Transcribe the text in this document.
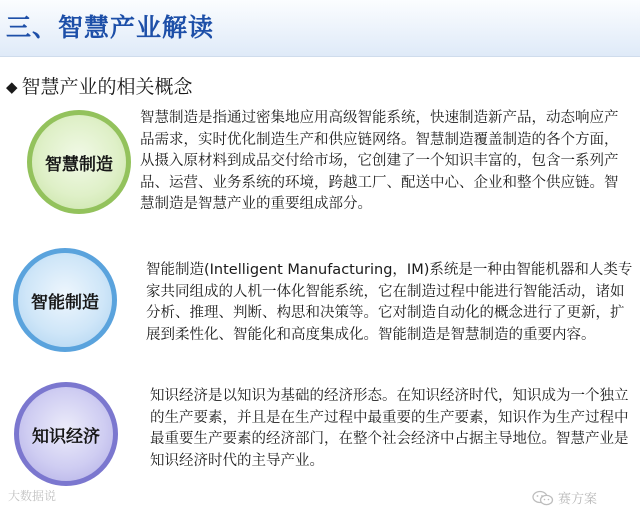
三、智慧产业解读
◆ 智慧产业的相关概念
智慧制造

智慧制造是指通过密集地应用高级智能系统，快速制造新产品，动态响应产品需求，实时优化制造生产和供应链网络。智慧制造覆盖制造的各个方面，从摄入原材料到成品交付给市场，它创建了一个知识丰富的，包含一系列产品、运营、业务系统的环境，跨越工厂、配送中心、企业和整个供应链。智慧制造是智慧产业的重要组成部分。

智能制造

智能制造(Intelligent Manufacturing，IM)系统是一种由智能机器和人类专家共同组成的人机一体化智能系统，它在制造过程中能进行智能活动，诸如分析、推理、判断、构思和决策等。它对制造自动化的概念进行了更新，扩展到柔性化、智能化和高度集成化。智能制造是智慧制造的重要内容。

知识经济

知识经济是以知识为基础的经济形态。在知识经济时代，知识成为一个独立的生产要素，并且是在生产过程中最重要的生产要素，知识作为生产过程中最重要生产要素的经济部门，在整个社会经济中占据主导地位。智慧产业是知识经济时代的主导产业。

大数据说	赛方案
